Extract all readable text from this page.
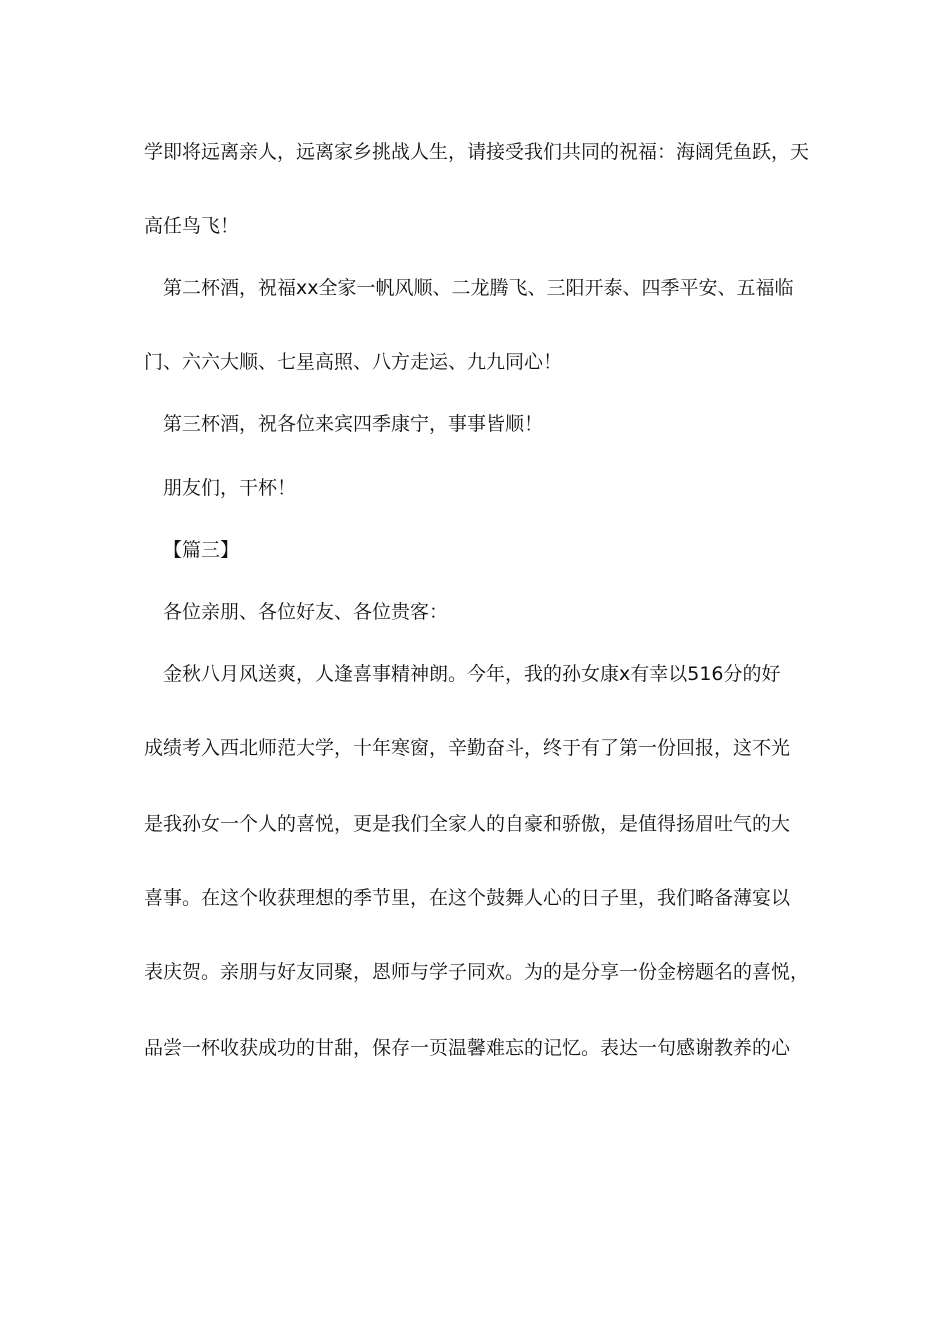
学即将远离亲人，远离家乡挑战人生，请接受我们共同的祝福：海阔凭鱼跃，天
高任鸟飞！
第二杯酒，祝福xx全家一帆风顺、二龙腾飞、三阳开泰、四季平安、五福临
门、六六大顺、七星高照、八方走运、九九同心！
第三杯酒，祝各位来宾四季康宁，事事皆顺！
朋友们，干杯！
【篇三】
各位亲朋、各位好友、各位贵客：
金秋八月风送爽，人逢喜事精神朗。今年，我的孙女康x有幸以516分的好
成绩考入西北师范大学，十年寒窗，辛勤奋斗，终于有了第一份回报，这不光
是我孙女一个人的喜悦，更是我们全家人的自豪和骄傲，是值得扬眉吐气的大
喜事。在这个收获理想的季节里，在这个鼓舞人心的日子里，我们略备薄宴以
表庆贺。亲朋与好友同聚，恩师与学子同欢。为的是分享一份金榜题名的喜悦，
品尝一杯收获成功的甘甜，保存一页温馨难忘的记忆。表达一句感谢教养的心
